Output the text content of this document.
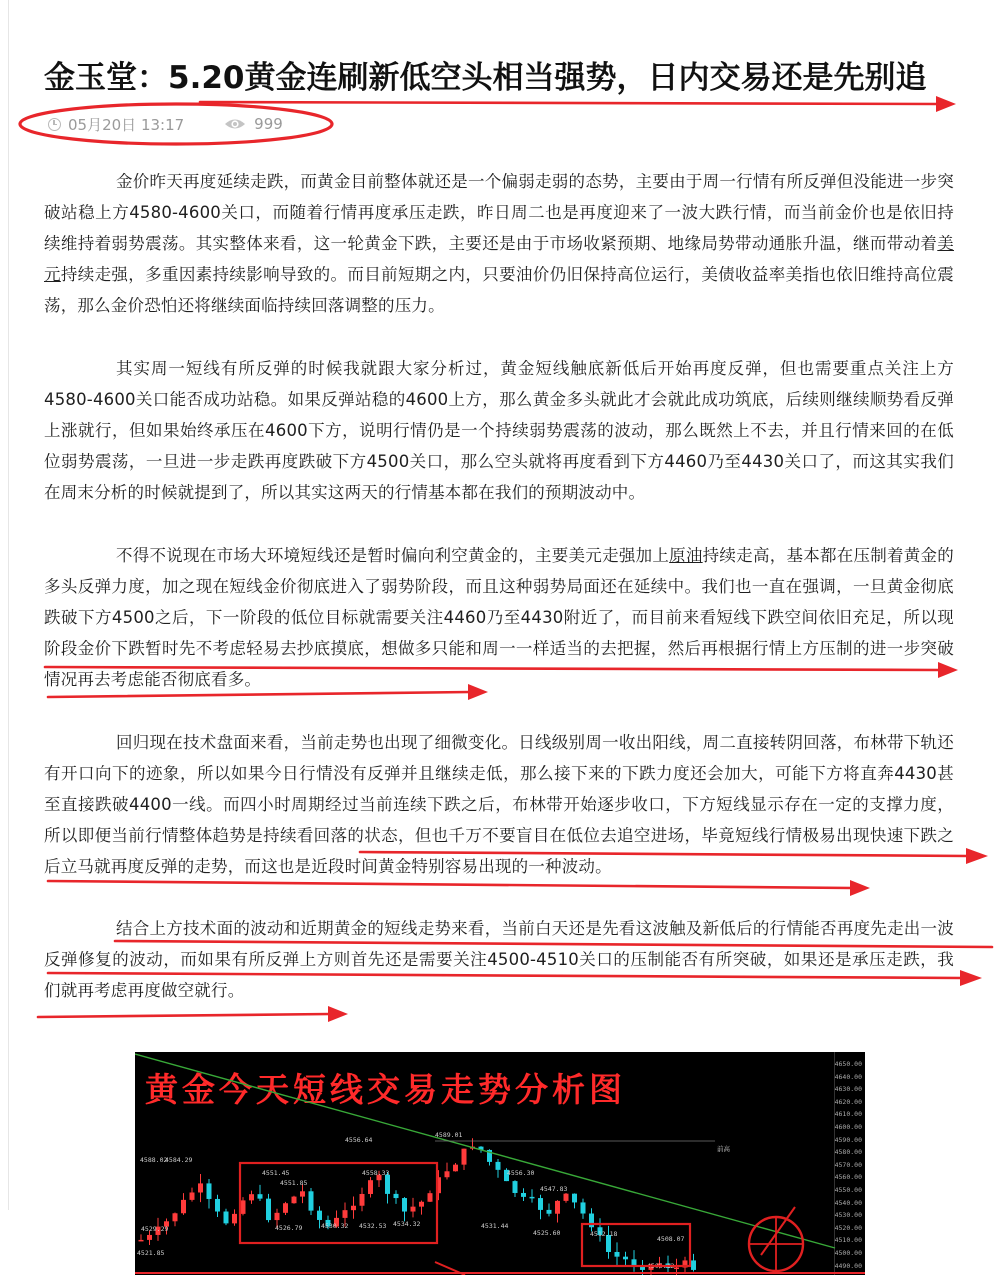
金玉堂：5.20黄金连刷新低空头相当强势，日内交易还是先别追
05月20日 13:17	999

金价昨天再度延续走跌，而黄金目前整体就还是一个偏弱走弱的态势，主要由于周一行情有所反弹但没能进一步突破站稳上方4580-4600关口，而随着行情再度承压走跌，昨日周二也是再度迎来了一波大跌行情，而当前金价也是依旧持续维持着弱势震荡。其实整体来看，这一轮黄金下跌，主要还是由于市场收紧预期、地缘局势带动通胀升温，继而带动着美元持续走强，多重因素持续影响导致的。而目前短期之内，只要油价仍旧保持高位运行，美债收益率美指也依旧维持高位震荡，那么金价恐怕还将继续面临持续回落调整的压力。

其实周一短线有所反弹的时候我就跟大家分析过，黄金短线触底新低后开始再度反弹，但也需要重点关注上方4580-4600关口能否成功站稳。如果反弹站稳的4600上方，那么黄金多头就此才会就此成功筑底，后续则继续顺势看反弹上涨就行，但如果始终承压在4600下方，说明行情仍是一个持续弱势震荡的波动，那么既然上不去，并且行情来回的在低位弱势震荡，一旦进一步走跌再度跌破下方4500关口，那么空头就将再度看到下方4460乃至4430关口了，而这其实我们在周末分析的时候就提到了，所以其实这两天的行情基本都在我们的预期波动中。

不得不说现在市场大环境短线还是暂时偏向利空黄金的，主要美元走强加上原油持续走高，基本都在压制着黄金的多头反弹力度，加之现在短线金价彻底进入了弱势阶段，而且这种弱势局面还在延续中。我们也一直在强调，一旦黄金彻底跌破下方4500之后，下一阶段的低位目标就需要关注4460乃至4430附近了，而目前来看短线下跌空间依旧充足，所以现阶段金价下跌暂时先不考虑轻易去抄底摸底，想做多只能和周一一样适当的去把握，然后再根据行情上方压制的进一步突破情况再去考虑能否彻底看多。

回归现在技术盘面来看，当前走势也出现了细微变化。日线级别周一收出阳线，周二直接转阴回落，布林带下轨还有开口向下的迹象，所以如果今日行情没有反弹并且继续走低，那么接下来的下跌力度还会加大，可能下方将直奔4430甚至直接跌破4400一线。而四小时周期经过当前连续下跌之后，布林带开始逐步收口，下方短线显示存在一定的支撑力度，所以即便当前行情整体趋势是持续看回落的状态，但也千万不要盲目在低位去追空进场，毕竟短线行情极易出现快速下跌之后立马就再度反弹的走势，而这也是近段时间黄金特别容易出现的一种波动。

结合上方技术面的波动和近期黄金的短线走势来看，当前白天还是先看这波触及新低后的行情能否再度先走出一波反弹修复的波动，而如果有所反弹上方则首先还是需要关注4500-4510关口的压制能否有所突破，如果还是承压走跌，我们就再考虑再度做空就行。

黄金今天短线交易走势分析图
4650.00
4640.00
4630.00
4620.00
4610.00
4600.00
4590.00
4580.00
4570.00
4560.00
4550.00
4540.00
4530.00
4520.00
4510.00
4500.00
4490.00
4588.02
4584.29
4556.64
4589.01
4551.45
4551.85
4558.33	4556.30
4547.83
4529.29	4526.79	4530.32 4532.53 4534.32	4531.44
4525.60	4512.18
4508.07
4505.12
4521.85
前高
